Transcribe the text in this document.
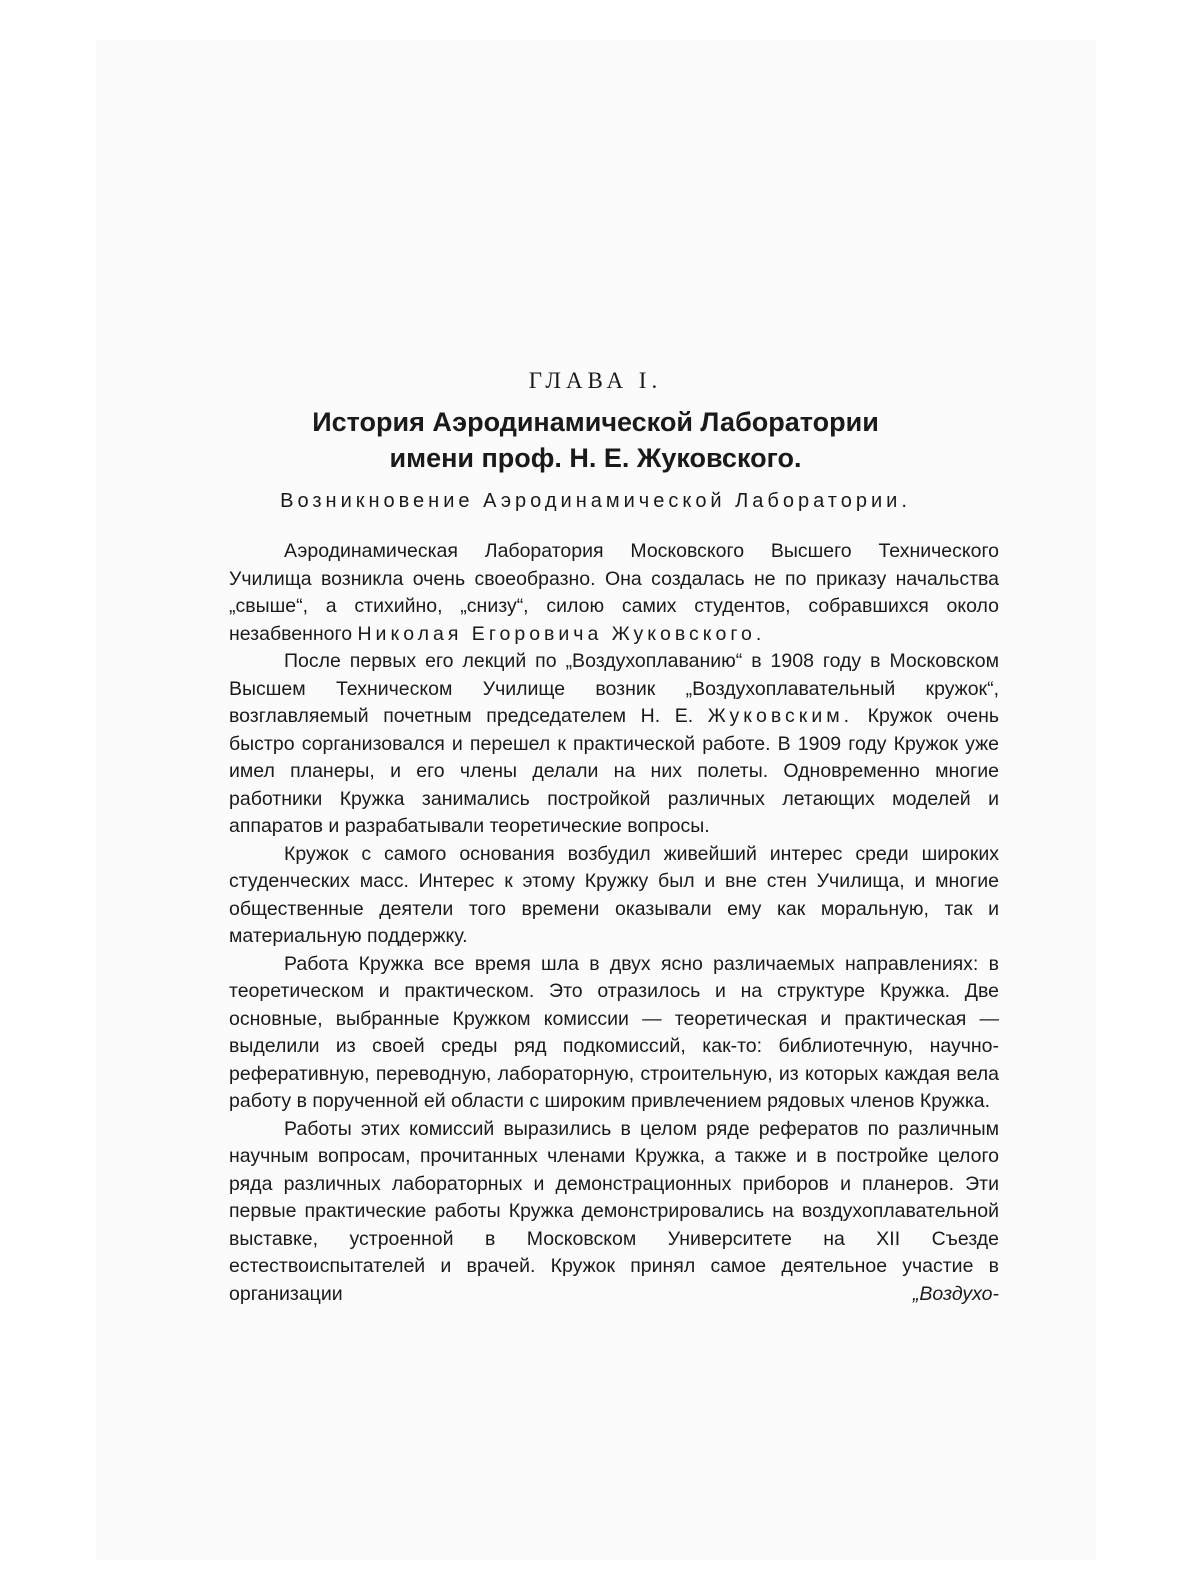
ГЛАВА I.
История Аэродинамической Лаборатории
имени проф. Н. Е. Жуковского.
Возникновение Аэродинамической Лаборатории.

Аэродинамическая Лаборатория Московского Высшего Технического Училища возникла очень своеобразно. Она создалась не по приказу начальства „свыше“, а стихийно, „снизу“, силою самих студентов, собравшихся около незабвенного Николая Егоровича Жуковского.

После первых его лекций по „Воздухоплаванию“ в 1908 году в Московском Высшем Техническом Училище возник „Воздухоплавательный кружок“, возглавляемый почетным председателем Н. Е. Жуковским. Кружок очень быстро сорганизовался и перешел к практической работе. В 1909 году Кружок уже имел планеры, и его члены делали на них полеты. Одновременно многие работники Кружка занимались постройкой различных летающих моделей и аппаратов и разрабатывали теоретические вопросы.

Кружок с самого основания возбудил живейший интерес среди широких студенческих масс. Интерес к этому Кружку был и вне стен Училища, и многие общественные деятели того времени оказывали ему как моральную, так и материальную поддержку.

Работа Кружка все время шла в двух ясно различаемых направлениях: в теоретическом и практическом. Это отразилось и на структуре Кружка. Две основные, выбранные Кружком комиссии — теоретическая и практическая — выделили из своей среды ряд подкомиссий, как-то: библиотечную, научно-реферативную, переводную, лабораторную, строительную, из которых каждая вела работу в порученной ей области с широким привлечением рядовых членов Кружка.

Работы этих комиссий выразились в целом ряде рефератов по различным научным вопросам, прочитанных членами Кружка, а также и в постройке целого ряда различных лабораторных и демонстрационных приборов и планеров. Эти первые практические работы Кружка демонстрировались на воздухоплавательной выставке, устроенной в Московском Университете на XII Съезде естествоиспытателей и врачей. Кружок принял самое деятельное участие в организации „Воздухо-
